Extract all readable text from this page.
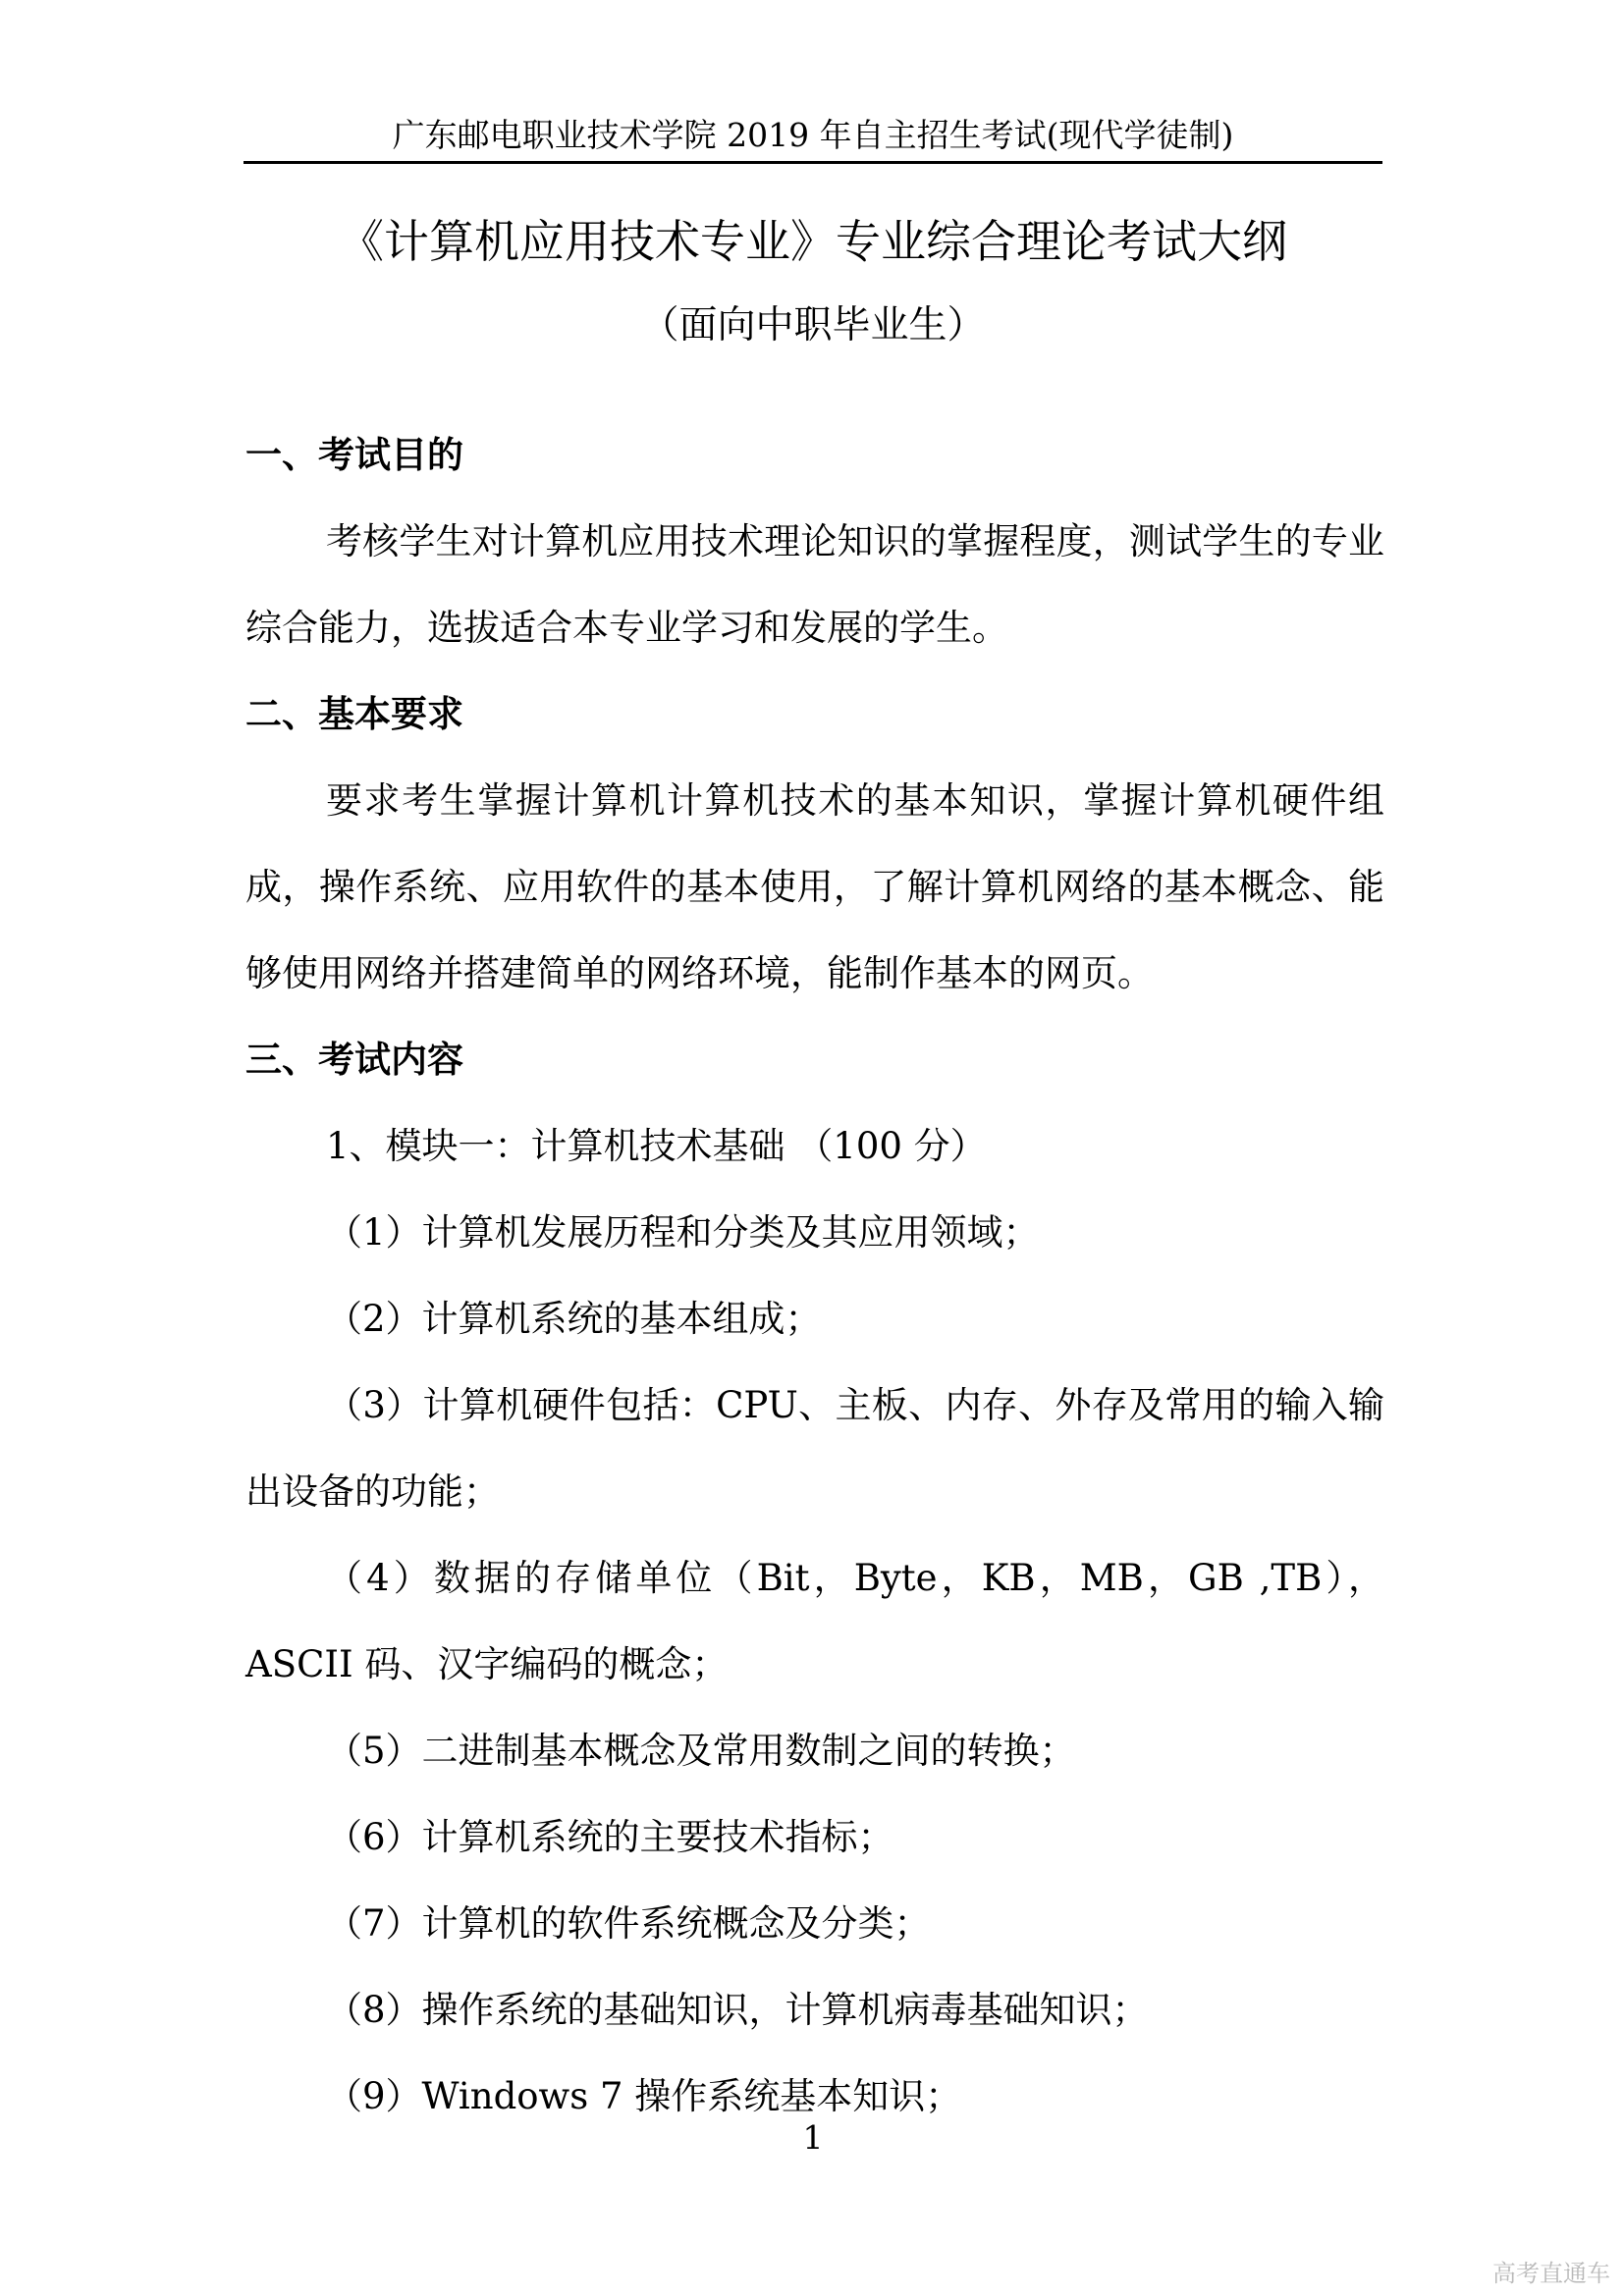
广东邮电职业技术学院 2019 年自主招生考试(现代学徒制)
《计算机应用技术专业》专业综合理论考试大纲
（面向中职毕业生）

一、考试目的

考核学生对计算机应用技术理论知识的掌握程度，测试学生的专业综合能力，选拔适合本专业学习和发展的学生。

二、基本要求

要求考生掌握计算机计算机技术的基本知识，掌握计算机硬件组成，操作系统、应用软件的基本使用，了解计算机网络的基本概念、能够使用网络并搭建简单的网络环境，能制作基本的网页。

三、考试内容

1、模块一：计算机技术基础 （100 分）

（1）计算机发展历程和分类及其应用领域；

（2）计算机系统的基本组成；

（3）计算机硬件包括：CPU、主板、内存、外存及常用的输入输出设备的功能；

（4）数据的存储单位（Bit，Byte，KB，MB，GB ,TB），ASCII 码、汉字编码的概念；

（5）二进制基本概念及常用数制之间的转换；

（6）计算机系统的主要技术指标；

（7）计算机的软件系统概念及分类；

（8）操作系统的基础知识，计算机病毒基础知识；

（9）Windows 7 操作系统基本知识；

1
高考直通车
